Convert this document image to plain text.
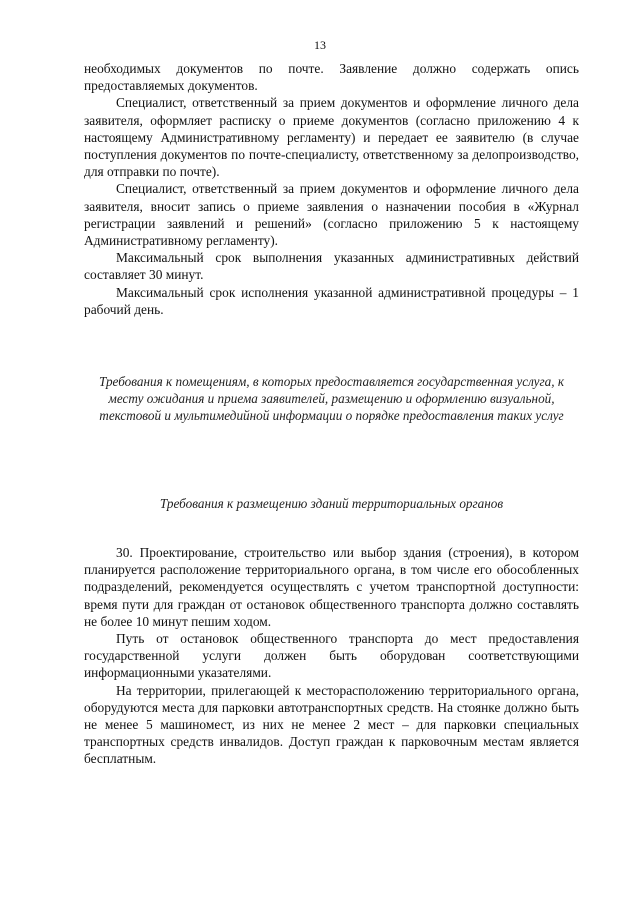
13

необходимых документов по почте. Заявление должно содержать опись предоставляемых документов.

Специалист, ответственный за прием документов и оформление личного дела заявителя, оформляет расписку о приеме документов (согласно приложению 4 к настоящему Административному регламенту) и передает ее заявителю (в случае поступления документов по почте-специалисту, ответственному за делопроизводство, для отправки по почте).

Специалист, ответственный за прием документов и оформление личного дела заявителя, вносит запись о приеме заявления о назначении пособия в «Журнал регистрации заявлений и решений» (согласно приложению 5 к настоящему Административному регламенту).

Максимальный срок выполнения указанных административных действий составляет 30 минут.

Максимальный срок исполнения указанной административной процедуры – 1 рабочий день.

Требования к помещениям, в которых предоставляется государственная услуга, к месту ожидания и приема заявителей, размещению и оформлению визуальной, текстовой и мультимедийной информации о порядке предоставления таких услуг
Требования к размещению зданий территориальных органов

30. Проектирование, строительство или выбор здания (строения), в котором планируется расположение территориального органа, в том числе его обособленных подразделений, рекомендуется осуществлять с учетом транспортной доступности: время пути для граждан от остановок общественного транспорта должно составлять не более 10 минут пешим ходом.

Путь от остановок общественного транспорта до мест предоставления государственной услуги должен быть оборудован соответствующими информационными указателями.

На территории, прилегающей к месторасположению территориального органа, оборудуются места для парковки автотранспортных средств. На стоянке должно быть не менее 5 машиномест, из них не менее 2 мест – для парковки специальных транспортных средств инвалидов. Доступ граждан к парковочным местам является бесплатным.
